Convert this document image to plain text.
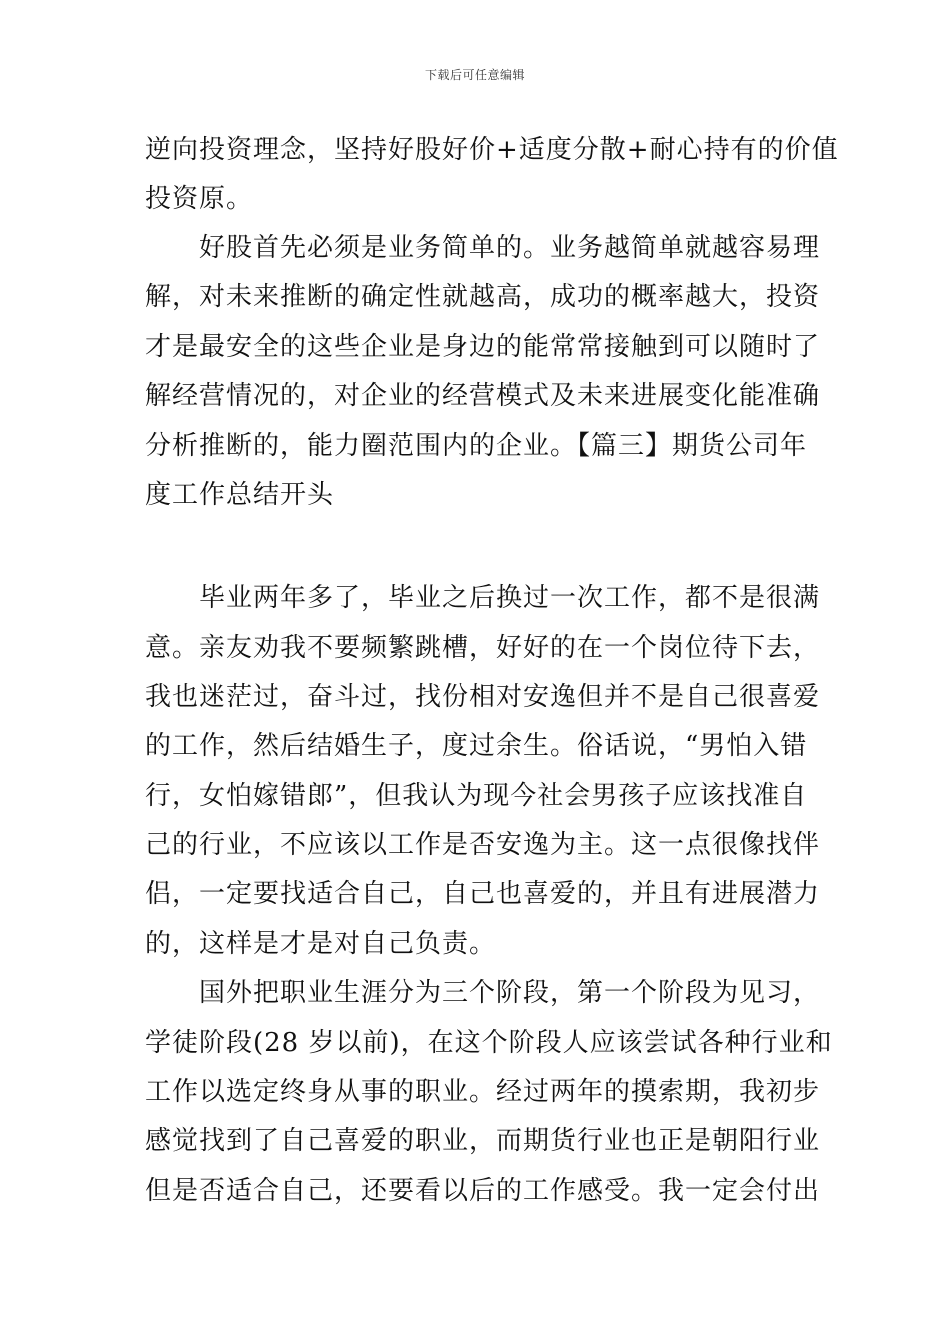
下载后可任意编辑
逆向投资理念，坚持好股好价+适度分散+耐心持有的价值
投资原。
　　好股首先必须是业务简单的。业务越简单就越容易理
解，对未来推断的确定性就越高，成功的概率越大，投资
才是最安全的这些企业是身边的能常常接触到可以随时了
解经营情况的，对企业的经营模式及未来进展变化能准确
分析推断的，能力圈范围内的企业。【篇三】期货公司年
度工作总结开头
　　毕业两年多了，毕业之后换过一次工作，都不是很满
意。亲友劝我不要频繁跳槽，好好的在一个岗位待下去，
我也迷茫过，奋斗过，找份相对安逸但并不是自己很喜爱
的工作，然后结婚生子，度过余生。俗话说，“男怕入错
行，女怕嫁错郎”，但我认为现今社会男孩子应该找准自
己的行业，不应该以工作是否安逸为主。这一点很像找伴
侣，一定要找适合自己，自己也喜爱的，并且有进展潜力
的，这样是才是对自己负责。
　　国外把职业生涯分为三个阶段，第一个阶段为见习，
学徒阶段(28 岁以前)，在这个阶段人应该尝试各种行业和
工作以选定终身从事的职业。经过两年的摸索期，我初步
感觉找到了自己喜爱的职业，而期货行业也正是朝阳行业
但是否适合自己，还要看以后的工作感受。我一定会付出
